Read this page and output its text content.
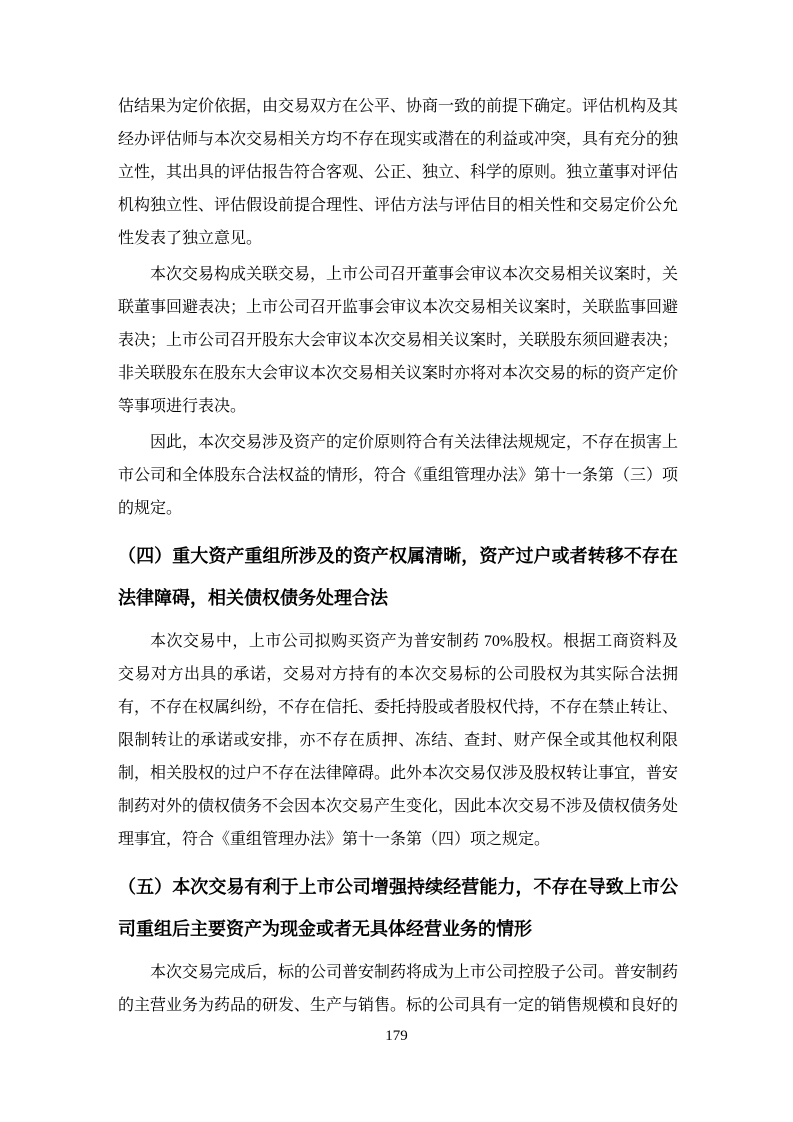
估结果为定价依据，由交易双方在公平、协商一致的前提下确定。评估机构及其经办评估师与本次交易相关方均不存在现实或潜在的利益或冲突，具有充分的独立性，其出具的评估报告符合客观、公正、独立、科学的原则。独立董事对评估机构独立性、评估假设前提合理性、评估方法与评估目的相关性和交易定价公允性发表了独立意见。

本次交易构成关联交易，上市公司召开董事会审议本次交易相关议案时，关联董事回避表决；上市公司召开监事会审议本次交易相关议案时，关联监事回避表决；上市公司召开股东大会审议本次交易相关议案时，关联股东须回避表决；非关联股东在股东大会审议本次交易相关议案时亦将对本次交易的标的资产定价等事项进行表决。

因此，本次交易涉及资产的定价原则符合有关法律法规规定，不存在损害上市公司和全体股东合法权益的情形，符合《重组管理办法》第十一条第（三）项的规定。

（四）重大资产重组所涉及的资产权属清晰，资产过户或者转移不存在法律障碍，相关债权债务处理合法

本次交易中，上市公司拟购买资产为普安制药 70%股权。根据工商资料及交易对方出具的承诺，交易对方持有的本次交易标的公司股权为其实际合法拥有，不存在权属纠纷，不存在信托、委托持股或者股权代持，不存在禁止转让、限制转让的承诺或安排，亦不存在质押、冻结、查封、财产保全或其他权利限制，相关股权的过户不存在法律障碍。此外本次交易仅涉及股权转让事宜，普安制药对外的债权债务不会因本次交易产生变化，因此本次交易不涉及债权债务处理事宜，符合《重组管理办法》第十一条第（四）项之规定。

（五）本次交易有利于上市公司增强持续经营能力，不存在导致上市公司重组后主要资产为现金或者无具体经营业务的情形

本次交易完成后，标的公司普安制药将成为上市公司控股子公司。普安制药的主营业务为药品的研发、生产与销售。标的公司具有一定的销售规模和良好的

179
